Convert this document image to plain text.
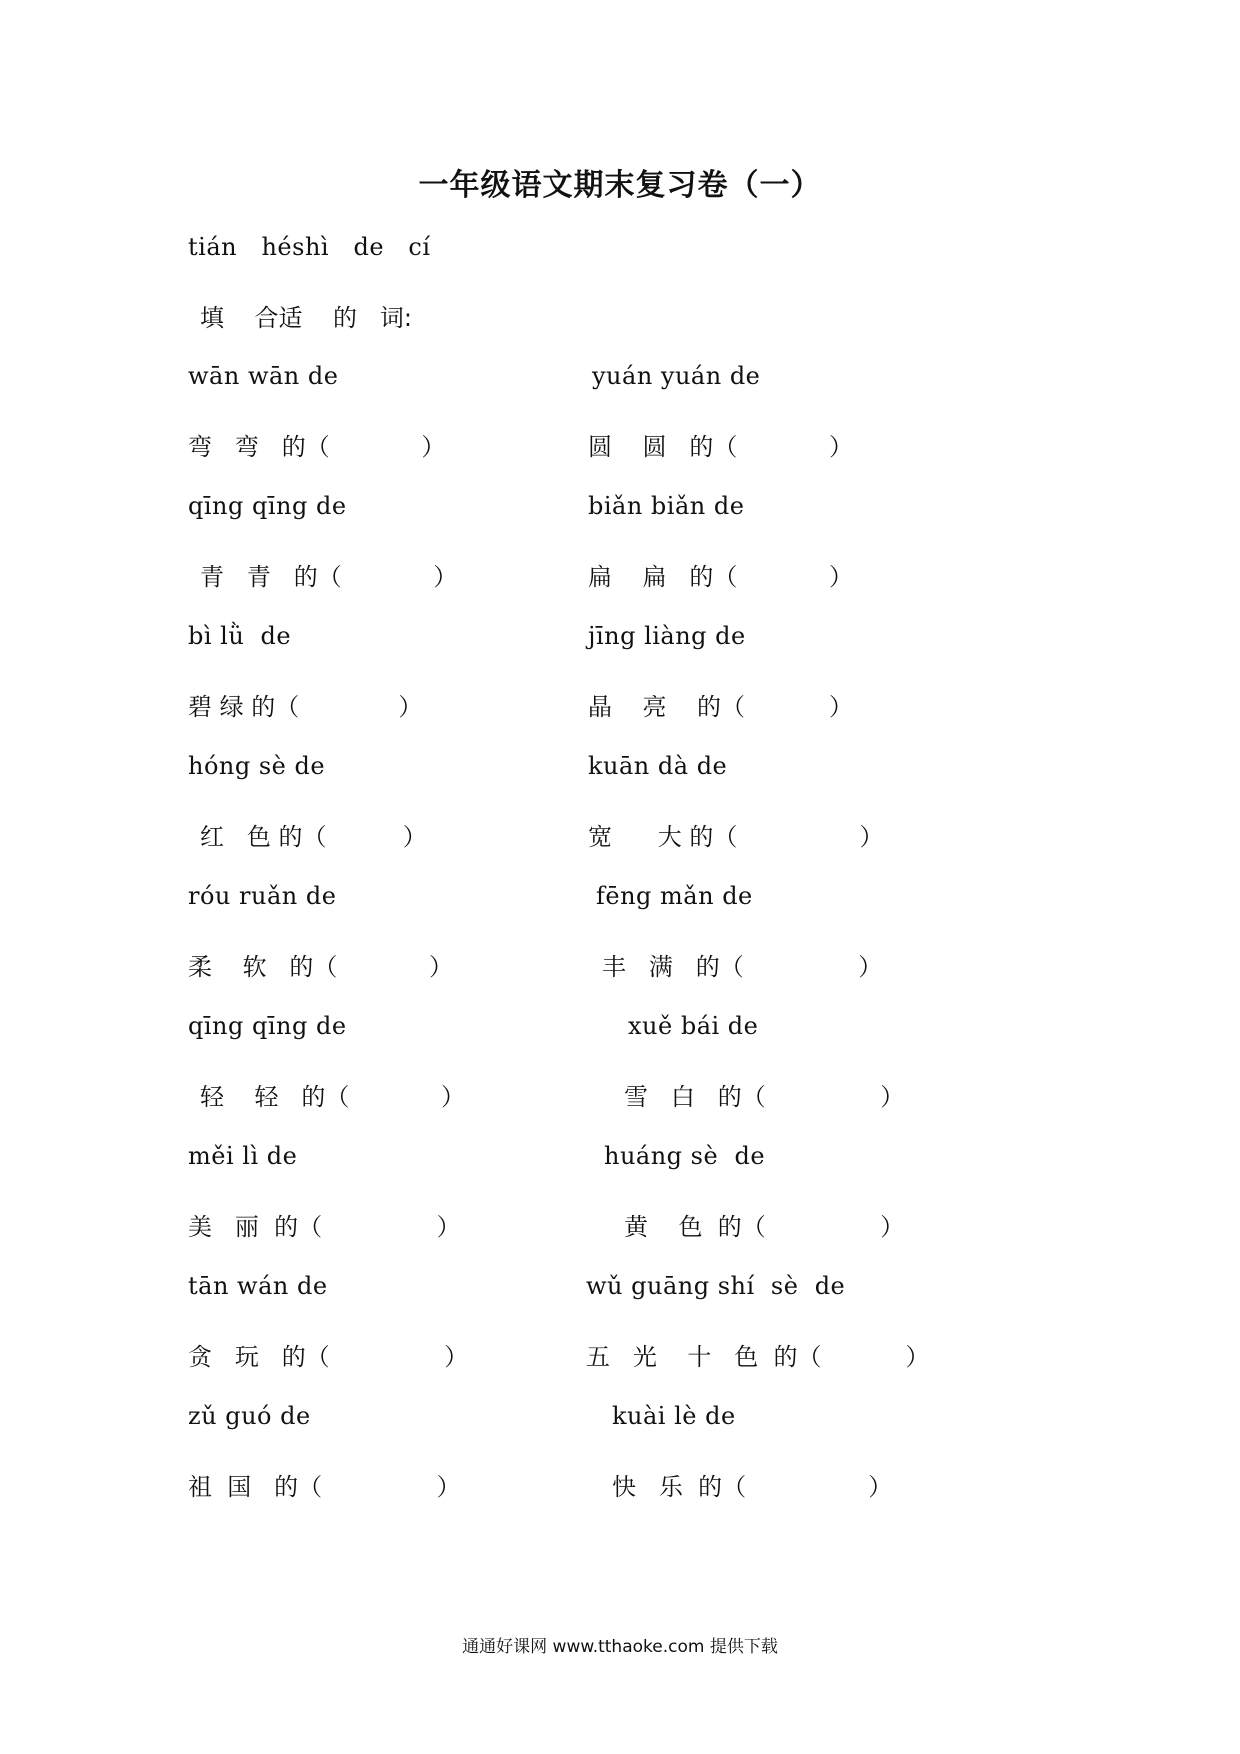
一年级语文期末复习卷（一）
tián   héshì   de   cí
填    合适    的   词:
wān wān de	yuán yuán de
弯   弯   的（            ）	圆    圆   的（            ）
qīng qīng de	biǎn biǎn de
青   青   的（            ）	扁    扁   的（            ）
bì lǜ  de	jīng liàng de
碧 绿 的（             ）	晶    亮    的（           ）
hóng sè de	kuān dà de
红   色 的（          ）	宽      大 的（                ）
róu ruǎn de	fēng mǎn de
柔    软   的（            ）	丰   满   的（               ）
qīng qīng de	xuě bái de
轻    轻   的（            ）	雪   白   的（               ）
měi lì de	huáng sè  de
美   丽  的（               ）	黄    色  的（               ）
tān wán de	wǔ guāng shí  sè  de
贪   玩   的（               ）	五   光    十   色  的（           ）
zǔ guó de	kuài lè de
祖  国   的（               ）	快   乐  的（                ）
通通好课网 www.tthaoke.com 提供下载
